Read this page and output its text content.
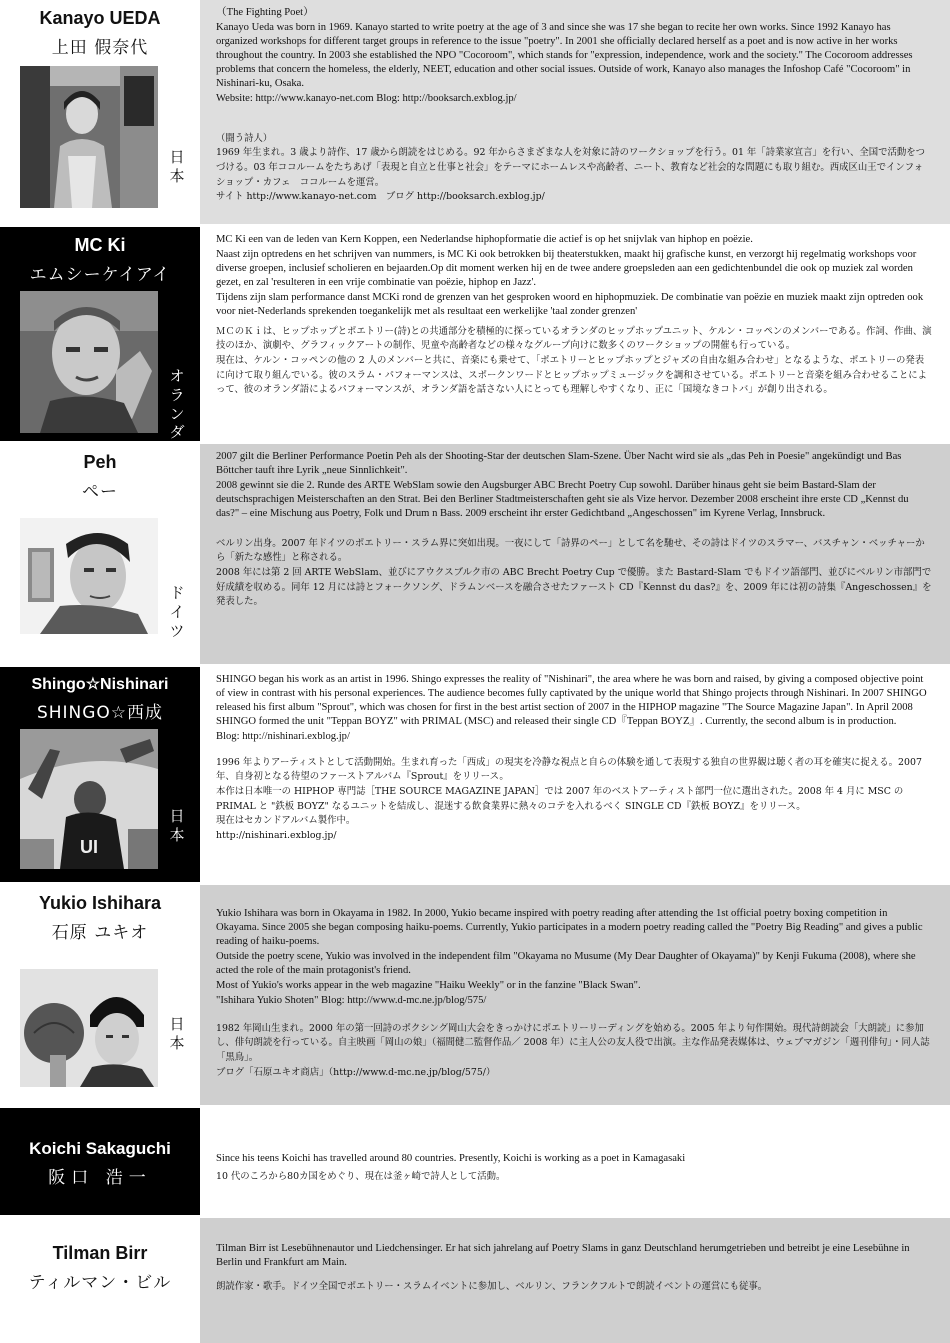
Kanayo UEDA
上田 假奈代
日本

（The Fighting Poet）

Kanayo Ueda was born in 1969. Kanayo started to write poetry at the age of 3 and since she was 17 she began to recite her own works. Since 1992 Kanayo has organized workshops for different target groups in reference to the issue "poetry". In 2001 she officially declared herself as a poet and is now active in her works throughout the country. In 2003 she established the NPO "Cocoroom", which stands for "expression, independence, work and the society." The Cocoroom addresses problems that concern the homeless, the elderly, NEET, education and other social issues. Outside of work, Kanayo also manages the Infoshop Café "Cocoroom" in Nishinari-ku, Osaka.

Website: http://www.kanayo-net.com Blog: http://booksarch.exblog.jp/

（闘う詩人）

1969 年生まれ。3 歳より詩作、17 歳から朗読をはじめる。92 年からさまざまな人を対象に詩のワークショップを行う。01 年「詩業家宣言」を行い、全国で活動をつづける。03 年ココルームをたちあげ「表現と自立と仕事と社会」をテーマにホームレスや高齢者、ニート、教育など社会的な問題にも取り組む。西成区山王でインフォショップ・カフェ　ココルームを運営。

サイト http://www.kanayo-net.com　ブログ http://booksarch.exblog.jp/

MC Ki
エムシーケイアイ
オランダ

MC Ki een van de leden van Kern Koppen, een Nederlandse hiphopformatie die actief is op het snijvlak van hiphop en poëzie.

Naast zijn optredens en het schrijven van nummers, is MC Ki ook betrokken bij theaterstukken, maakt hij grafische kunst, en verzorgt hij regelmatig workshops voor diverse groepen, inclusief scholieren en bejaarden.Op dit moment werken hij en de twee andere groepsleden aan een gedichtenbundel die ook op muziek zal worden gezet, en zal 'resulteren in een vrije combinatie van poëzie, hiphop en Jazz'.

Tijdens zijn slam performance danst MCKi rond de grenzen van het gesproken woord en hiphopmuziek. De combinatie van poëzie en muziek maakt zijn optreden ook voor niet-Nederlands sprekenden toegankelijk met als resultaat een werkelijke 'taal zonder grenzen'

ＭＣのＫｉは、ヒップホップとポエトリー(詩)との共通部分を積極的に探っているオランダのヒップホップユニット、ケルン・コッペンのメンバーである。作詞、作曲、演技のほか、演劇や、グラフィックアートの制作、児童や高齢者などの様々なグループ向けに数多くのワークショップの開催も行っている。

現在は、ケルン・コッペンの他の 2 人のメンバーと共に、音楽にも乗せて、「ポエトリーとヒップホップとジャズの自由な組み合わせ」となるような、ポエトリーの発表に向けて取り組んでいる。彼のスラム・パフォーマンスは、スポークンワードとヒップホップミュージックを調和させている。ポエトリーと音楽を組み合わせることによって、彼のオランダ語によるパフォーマンスが、オランダ語を話さない人にとっても理解しやすくなり、正に「国境なきコトバ」が創り出される。

Peh
ペー
ドイツ

2007 gilt die Berliner Performance Poetin Peh als der Shooting-Star der deutschen Slam-Szene. Über Nacht wird sie als „das Peh in Poesie" angekündigt und Bas Böttcher tauft ihre Lyrik „neue Sinnlichkeit".

2008 gewinnt sie die 2. Runde des ARTE WebSlam sowie den Augsburger ABC Brecht Poetry Cup sowohl. Darüber hinaus geht sie beim Bastard-Slam der deutschsprachigen Meisterschaften an den Strat. Bei den Berliner Stadtmeisterschaften geht sie als Vize hervor. Dezember 2008 erscheint ihre erste CD „Kennst du das?" – eine Mischung aus Poetry, Folk und Drum n Bass. 2009 erscheint ihr erster Gedichtband „Angeschossen" im Kyrene Verlag, Innsbruck.

ベルリン出身。2007 年ドイツのポエトリー・スラム界に突如出現。一夜にして「詩界のペー」として名を馳せ、その詩はドイツのスラマー、バスチャン・ベッチャーから「新たな感性」と称される。

2008 年には第 2 回 ARTE WebSlam、並びにアウクスブルク市の ABC Brecht Poetry Cup で優勝。また Bastard-Slam でもドイツ語部門、並びにベルリン市部門で好成績を収める。同年 12 月には詩とフォークソング、ドラムンベースを融合させたファースト CD『Kennst du das?』を、2009 年には初の詩集『Angeschossen』を発表した。

Shingo☆Nishinari
SHINGO☆西成
UI
日本

SHINGO began his work as an artist in 1996. Shingo expresses the reality of "Nishinari", the area where he was born and raised, by giving a composed objective point of view in contrast with his personal experiences. The audience becomes fully captivated by the unique world that Shingo projects through Nishinari. In 2007 SHINGO released his first album "Sprout", which was chosen for first in the best artist section of 2007 in the HIPHOP magazine "The Source Magazine Japan". In April 2008 SHINGO formed the unit "Teppan BOYZ" with PRIMAL (MSC) and released their single CD『Teppan BOYZ』. Currently, the second album is in production.

Blog: http://nishinari.exblog.jp/

1996 年よりアーティストとして活動開始。生まれ育った「西成」の現実を冷静な視点と自らの体験を通して表現する独自の世界観は聴く者の耳を確実に捉える。2007 年、自身初となる待望のファーストアルバム『Sprout』をリリース。

本作は日本唯一の HIPHOP 専門誌［THE SOURCE MAGAZINE JAPAN］では 2007 年のベストアーティスト部門一位に選出された。2008 年 4 月に MSC の PRIMAL と "鉄板 BOYZ" なるユニットを結成し、混迷する飲食業界に熱々のコテを入れるべく SINGLE CD『鉄板 BOYZ』をリリース。

現在はセカンドアルバム製作中。

http://nishinari.exblog.jp/

Yukio Ishihara
石原 ユキオ
日本

Yukio Ishihara was born in Okayama in 1982. In 2000, Yukio became inspired with poetry reading after attending the 1st official poetry boxing competition in Okayama. Since 2005 she began composing haiku-poems. Currently, Yukio participates in a modern poetry reading called the "Poetry Big Reading" and gives a public reading of haiku-poems.

Outside the poetry scene, Yukio was involved in the independent film "Okayama no Musume (My Dear Daughter of Okayama)" by Kenji Fukuma (2008), where she acted the role of the main protagonist's friend.

Most of Yukio's works appear in the web magazine "Haiku Weekly" or in the fanzine "Black Swan".

"Ishihara Yukio Shoten" Blog: http://www.d-mc.ne.jp/blog/575/

1982 年岡山生まれ。2000 年の第一回詩のボクシング岡山大会をきっかけにポエトリーリーディングを始める。2005 年より句作開始。現代詩朗読会「大朗読」に参加し、俳句朗読を行っている。自主映画「岡山の娘」（福間健二監督作品／ 2008 年）に主人公の友人役で出演。主な作品発表媒体は、ウェブマガジン「週刊俳句」・同人誌「黒鳥」。

ブログ「石原ユキオ商店」（http://www.d-mc.ne.jp/blog/575/）

Koichi Sakaguchi
阪口 浩一

Since his teens Koichi has travelled around 80 countries. Presently, Koichi is working as a poet in Kamagasaki

10 代のころから80カ国をめぐり、現在は釜ヶ崎で詩人として活動。

Tilman Birr
ティルマン・ビル

Tilman Birr ist Lesebühnenautor und Liedchensinger. Er hat sich jahrelang auf Poetry Slams in ganz Deutschland herumgetrieben und betreibt je eine Lesebühne in Berlin und Frankfurt am Main.

朗読作家・歌手。ドイツ全国でポエトリー・スラムイベントに参加し、ベルリン、フランクフルトで朗読イベントの運営にも従事。
